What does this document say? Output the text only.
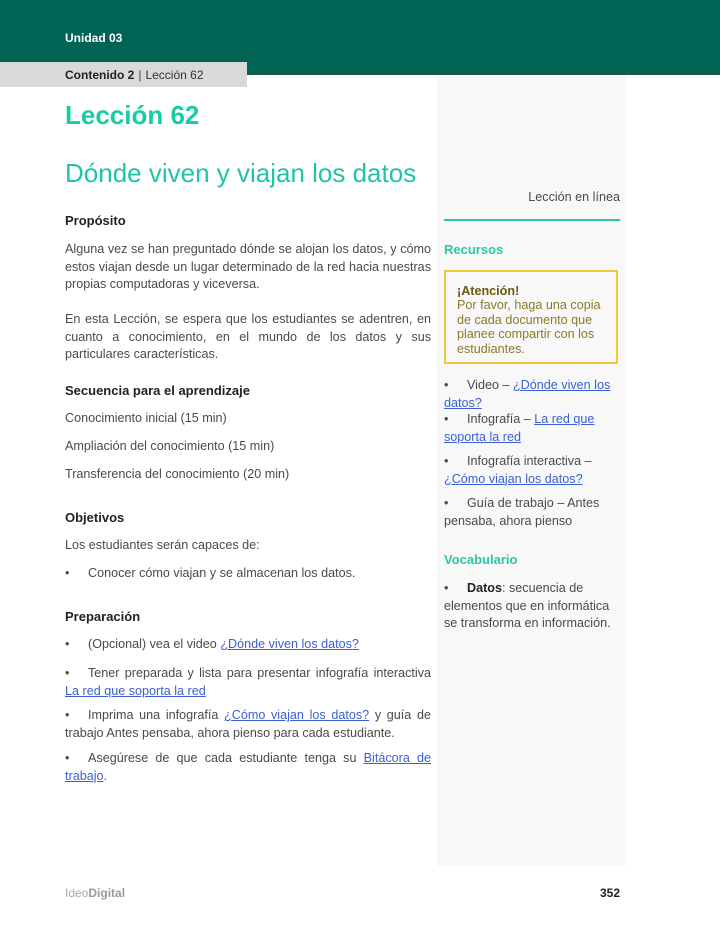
Unidad 03
Contenido 2 | Lección 62
Lección 62
Dónde viven y viajan los datos
Propósito

Alguna vez se han preguntado dónde se alojan los datos, y cómo estos viajan desde un lugar determinado de la red hacia nuestras propias computadoras y viceversa.

En esta Lección, se espera que los estudiantes se adentren, en cuanto a conocimiento, en el mundo de los datos y sus particulares características.

Secuencia para el aprendizaje

Conocimiento inicial (15 min)

Ampliación del conocimiento (15 min)

Transferencia del conocimiento (20 min)

Objetivos

Los estudiantes serán capaces de:

• Conocer cómo viajan y se almacenan los datos.

Preparación

• (Opcional) vea el video ¿Dónde viven los datos?

• Tener preparada y lista para presentar infografía interactiva La red que soporta la red

• Imprima una infografía ¿Cómo viajan los datos? y guía de trabajo Antes pensaba, ahora pienso para cada estudiante.

• Asegúrese de que cada estudiante tenga su Bitácora de trabajo.

Lección en línea
Recursos
¡Atención!
Por favor, haga una copia de cada documento que planee compartir con los estudiantes.

• Video – ¿Dónde viven los datos?

• Infografía – La red que soporta la red

• Infografía interactiva – ¿Cómo viajan los datos?

• Guía de trabajo – Antes pensaba, ahora pienso

Vocabulario

• Datos: secuencia de elementos que en informática se transforma en información.

IdeoDigital	352
